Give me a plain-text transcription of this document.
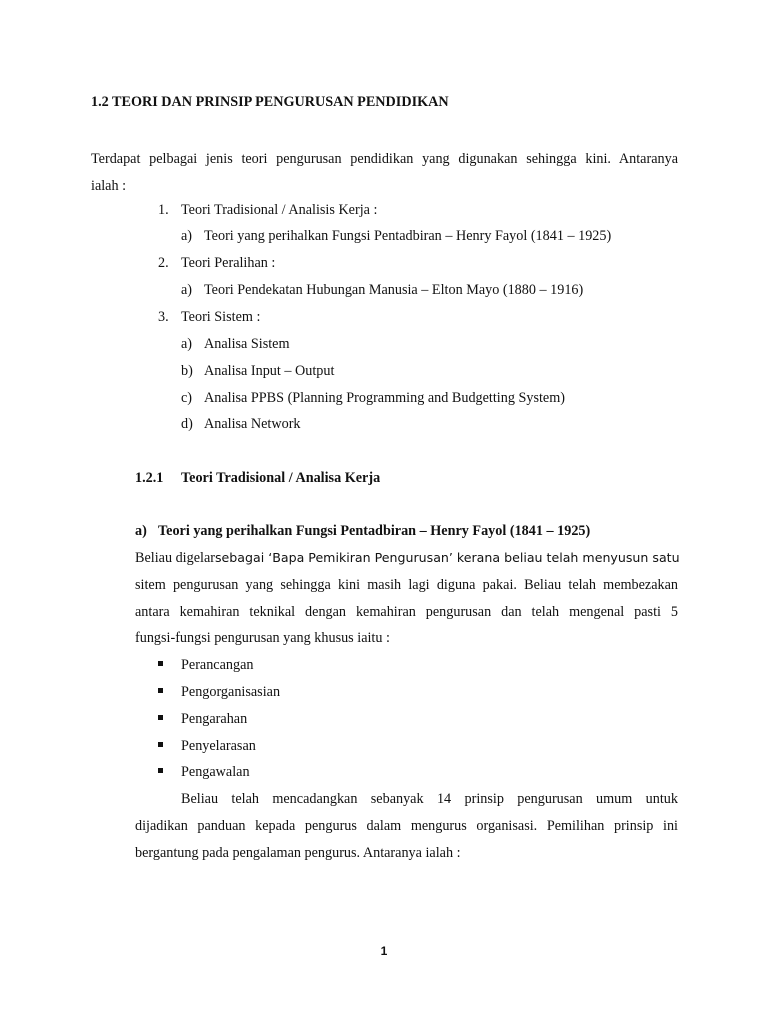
1.2 TEORI DAN PRINSIP PENGURUSAN PENDIDIKAN
Terdapat pelbagai jenis teori pengurusan pendidikan yang digunakan sehingga kini. Antaranya
ialah :
1. Teori Tradisional / Analisis Kerja :
a) Teori yang perihalkan Fungsi Pentadbiran – Henry Fayol (1841 – 1925)
2. Teori Peralihan :
a) Teori Pendekatan Hubungan Manusia – Elton Mayo (1880 – 1916)
3. Teori Sistem :
a) Analisa Sistem
b) Analisa Input – Output
c) Analisa PPBS (Planning Programming and Budgetting System)
d) Analisa Network
1.2.1 Teori Tradisional / Analisa Kerja
a) Teori yang perihalkan Fungsi Pentadbiran – Henry Fayol (1841 – 1925)
Beliau digelar sebagai ‘Bapa Pemikiran Pengurusan’ kerana beliau telah menyusun satu
sitem pengurusan yang sehingga kini masih lagi diguna pakai. Beliau telah membezakan
antara kemahiran teknikal dengan kemahiran pengurusan dan telah mengenal pasti 5
fungsi-fungsi pengurusan yang khusus iaitu :
Perancangan
Pengorganisasian
Pengarahan
Penyelarasan
Pengawalan
Beliau telah mencadangkan sebanyak 14 prinsip pengurusan umum untuk
dijadikan panduan kepada pengurus dalam mengurus organisasi. Pemilihan prinsip ini
bergantung pada pengalaman pengurus. Antaranya ialah :
1
